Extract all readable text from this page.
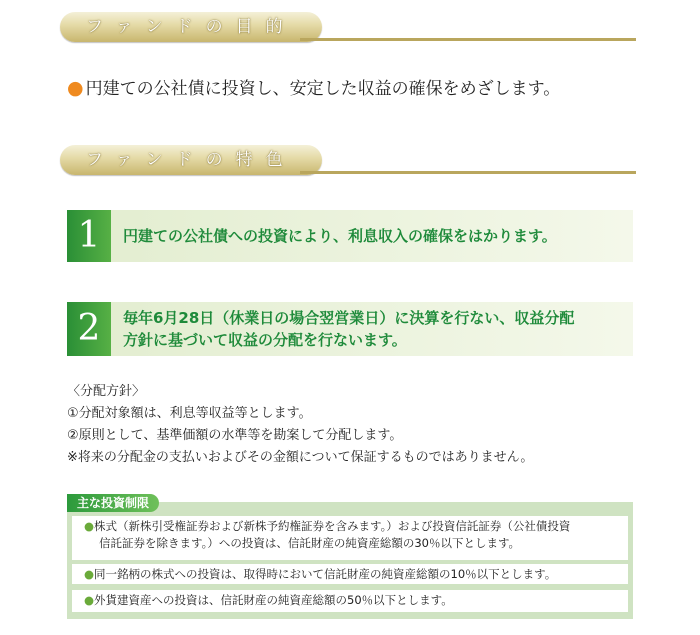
ファンドの目的
● 円建ての公社債に投資し、安定した収益の確保をめざします。
ファンドの特色
1	円建ての公社債への投資により、利息収入の確保をはかります。
2	毎年6月28日（休業日の場合翌営業日）に決算を行ない、収益分配
方針に基づいて収益の分配を行ないます。
〈分配方針〉
①分配対象額は、利息等収益等とします。
②原則として、基準価額の水準等を勘案して分配します。
※将来の分配金の支払いおよびその金額について保証するものではありません。
主な投資制限
●株式（新株引受権証券および新株予約権証券を含みます。）および投資信託証券（公社債投資
信託証券を除きます。）への投資は、信託財産の純資産総額の30％以下とします。
●同一銘柄の株式への投資は、取得時において信託財産の純資産総額の10％以下とします。
●外貨建資産への投資は、信託財産の純資産総額の50％以下とします。
